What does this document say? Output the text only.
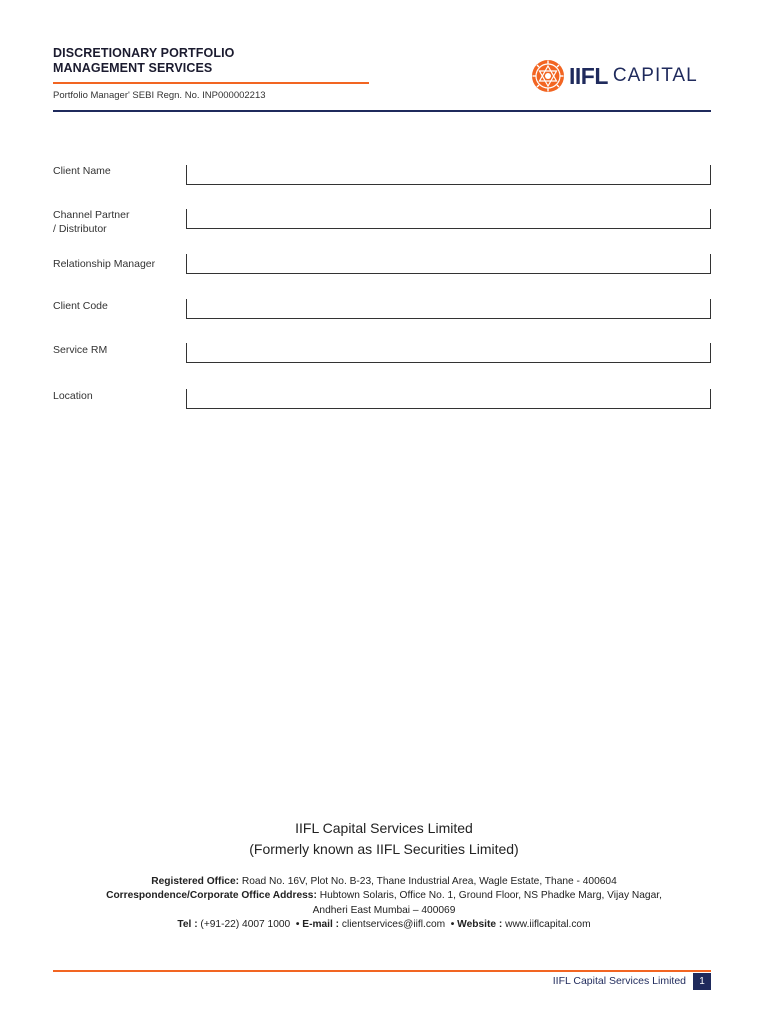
DISCRETIONARY PORTFOLIO
MANAGEMENT SERVICES
Portfolio Manager' SEBI Regn. No. INP000002213
IIFL CAPITAL
Client Name
Channel Partner
/ Distributor
Relationship Manager
Client Code
Service RM
Location
IIFL Capital Services Limited
(Formerly known as IIFL Securities Limited)
Registered Office: Road No. 16V, Plot No. B-23, Thane Industrial Area, Wagle Estate, Thane - 400604
Correspondence/Corporate Office Address: Hubtown Solaris, Office No. 1, Ground Floor, NS Phadke Marg, Vijay Nagar,
Andheri East Mumbai – 400069
Tel : (+91-22) 4007 1000 • E-mail : clientservices@iifl.com • Website : www.iiflcapital.com
IIFL Capital Services Limited	1
